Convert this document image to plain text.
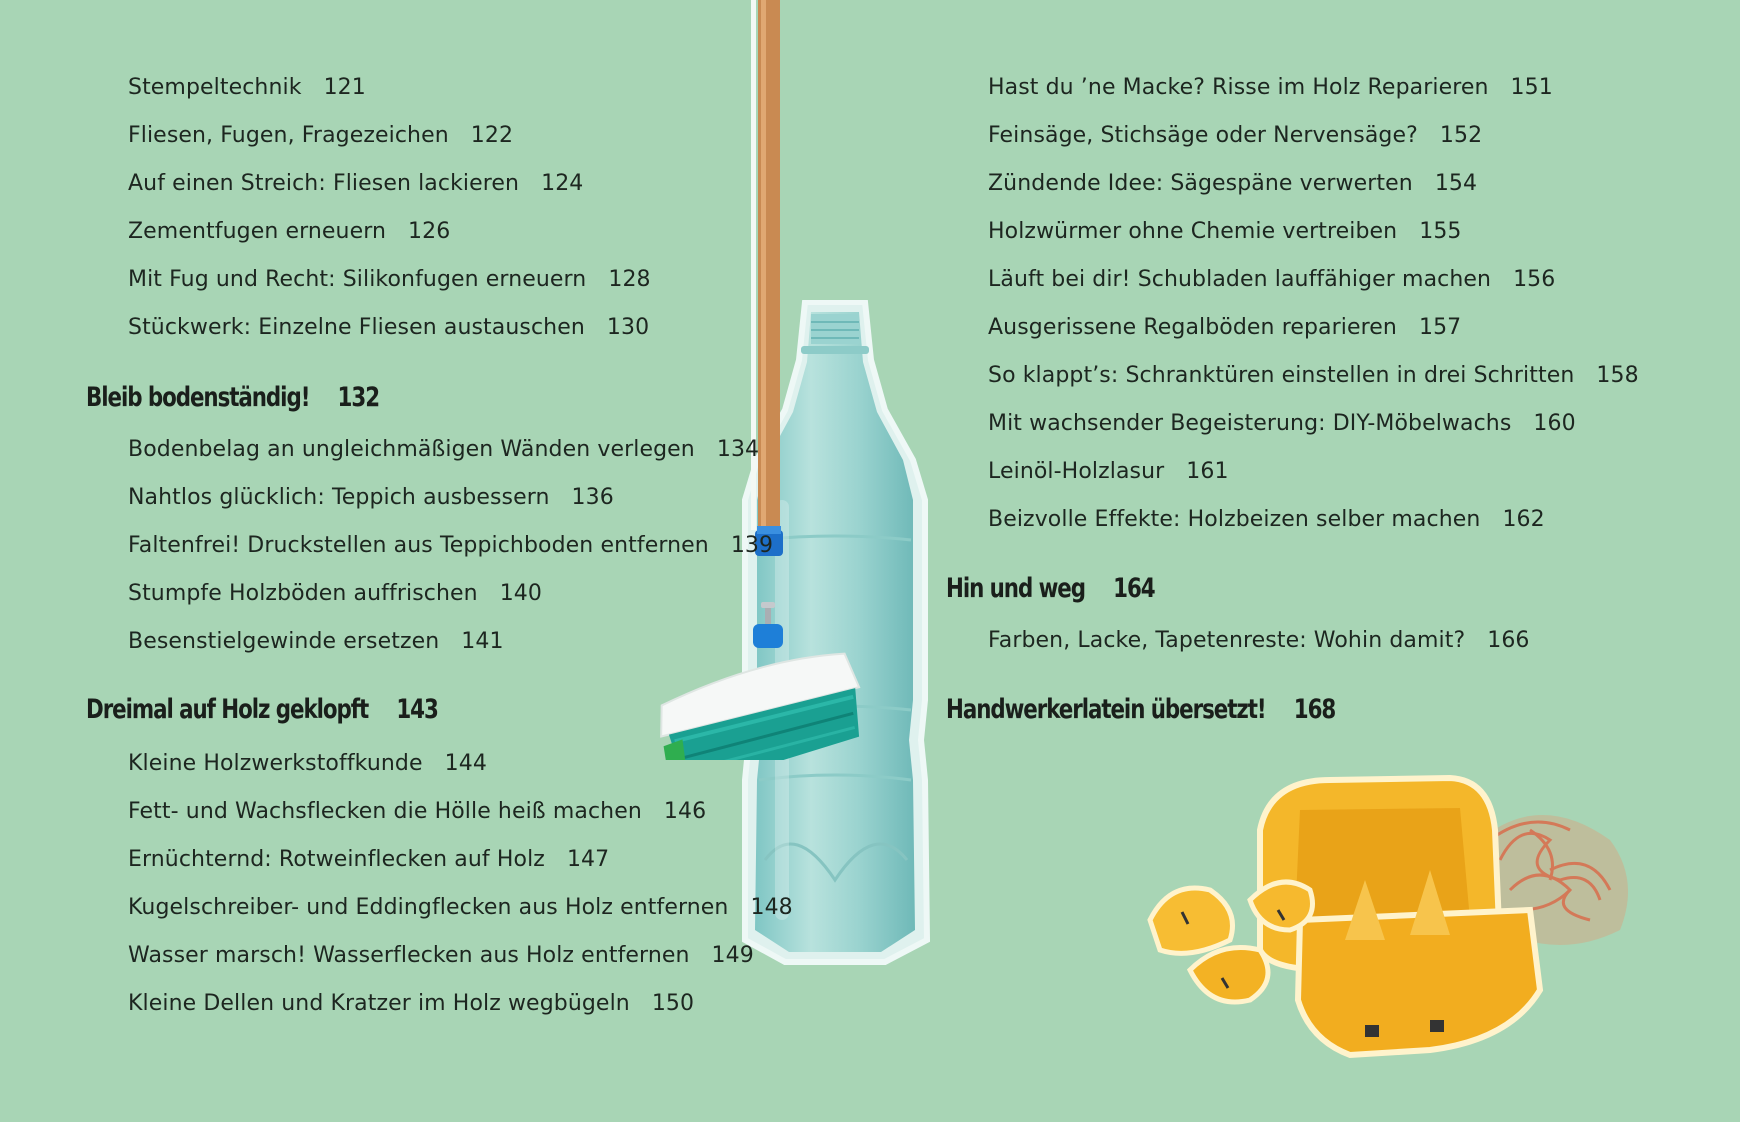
Stempeltechnik 121
Fliesen, Fugen, Fragezeichen 122
Auf einen Streich: Fliesen lackieren 124
Zementfugen erneuern 126
Mit Fug und Recht: Silikonfugen erneuern 128
Stückwerk: Einzelne Fliesen austauschen 130
Bleib bodenständig! 132
Bodenbelag an ungleichmäßigen Wänden verlegen 134
Nahtlos glücklich: Teppich ausbessern 136
Faltenfrei! Druckstellen aus Teppichboden entfernen 139
Stumpfe Holzböden auffrischen 140
Besenstielgewinde ersetzen 141
Dreimal auf Holz geklopft 143
Kleine Holzwerkstoffkunde 144
Fett- und Wachsflecken die Hölle heiß machen 146
Ernüchternd: Rotweinflecken auf Holz 147
Kugelschreiber- und Eddingflecken aus Holz entfernen 148
Wasser marsch! Wasserflecken aus Holz entfernen 149
Kleine Dellen und Kratzer im Holz wegbügeln 150
Hast du ’ne Macke? Risse im Holz Reparieren 151
Feinsäge, Stichsäge oder Nervensäge? 152
Zündende Idee: Sägespäne verwerten 154
Holzwürmer ohne Chemie vertreiben 155
Läuft bei dir! Schubladen lauffähiger machen 156
Ausgerissene Regalböden reparieren 157
So klappt’s: Schranktüren einstellen in drei Schritten 158
Mit wachsender Begeisterung: DIY-Möbelwachs 160
Leinöl-Holzlasur 161
Beizvolle Effekte: Holzbeizen selber machen 162
Hin und weg 164
Farben, Lacke, Tapetenreste: Wohin damit? 166
Handwerkerlatein übersetzt! 168
